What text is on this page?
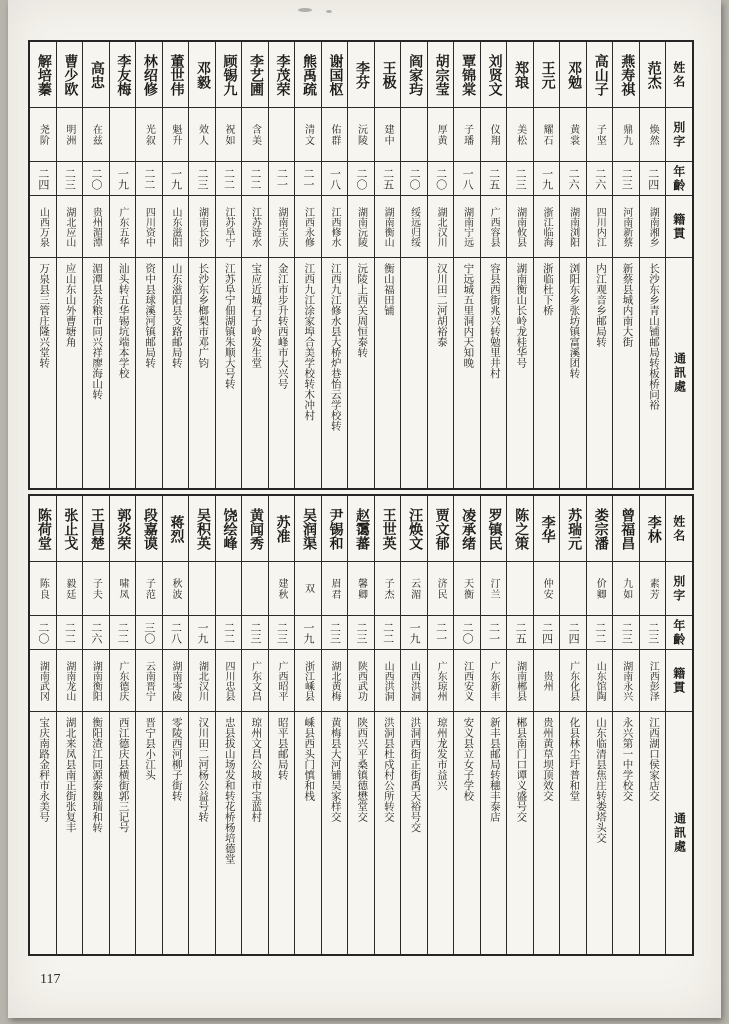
姓名
別字
年齡
籍貫
通訊處
范杰
焕然
二四
湖南湘乡
长沙东乡青山铺邮局转板桥问裕
燕寿祺
鼎九
二三
河南新蔡
新蔡县城内南大街
高山子
子坚
二六
四川内江
内江观音乡邮局转
邓勉
黄裳
二六
湖南浏阳
浏阳东乡张坊镇富溪团转
王元
耀石
一九
浙江临海
浙临杜下桥
郑琅
美松
二三
湖南攸县
湖南衡山长岭龙桂华号
刘贤文
仪翔
二五
广西容县
容县西街兆兴转勉里井村
覃锦棠
子璠
一八
湖南宁远
宁远城五里洞内天知晚
胡宗莹
厚黄
二〇
湖北汉川
汉川田二河胡裕泰
阎家玙
二〇
绥远归绥
王极
建中
二五
湖南衡山
衡山福田铺
李芬
沅陵
二〇
湖南沅陵
沅陵上西关周恒泰转
谢国枢
佑群
一八
江西修水
江西九江修水县大桥炉巷怡云学校转
熊禹疏
清文
二一
江西永修
江西九江涂家埠合美学校转木冲村
李茂荣
二一
湖南宝庆
金江市步升转西峰市大兴号
李艺圃
含美
二二
江苏涟水
宝应近城石子岭发生堂
顾锡九
祝如
二二
江苏阜宁
江苏阜宁佃湖镇朱顺大号转
邓毅
效人
二三
湖南长沙
长沙东乡榔梨市邓广钧
董世伟
魁升
一九
山东滋阳
山东滋阳县支路邮局转
林绍修
光叙
二二
四川资中
资中县球溪河镇邮局转
李友梅
一九
广东五华
汕头转五华锡坑端本学校
高忠
在兹
二〇
贵州湄潭
湄潭县杂粮市同兴祥廖海山转
曹少欧
明洲
二三
湖北应山
应山东山外曹塘角
解培蓁
尧阶
二四
山西万泉
万泉县三管庄隆兴堂转
姓名
別字
年齡
籍貫
通訊處
李林
素芳
二三
江西彭泽
江西湖口侯家店交
曾福昌
九如
二三
湖南永兴
永兴第一中学校交
娄宗潘
价卿
二二
山东馆陶
山东临清县焦庄转娄塔头交
苏瑞元
二四
广东化县
化县林尘圩普和堂
李华
仲安
二四
贵州
贵州黄草坝顶效交
陈之策
二五
湖南郴县
郴县南门口谭义盛号交
罗镇民
汀兰
二一
广东新丰
新丰县邮局转穗丰泰店
凌承绪
天衡
二〇
江西安义
安义县立女子学校
贾文郁
济民
二一
广东琼州
琼州龙发市益兴
汪焕文
云湄
一九
山西洪洞
洪洞西街正街禹天裕号交
王世英
子杰
二二
山西洪洞
洪洞县杜戍村公所转交
赵霭蕃
馨卿
二三
陕西武功
陕西兴平桑镇德懋堂交
尹锡和
眉君
二三
湖北黄梅
黄梅县大河铺吴家样交
吴润渠
双
一九
浙江嵊县
嵊县西头门慎和栈
苏准
建秋
二三
广西昭平
昭平县邮局转
黄闻秀
二三
广东文昌
琼州文昌公坡市宝蓝村
饶绘峰
二二
四川忠县
忠县拔山场发和转花桥杨培德堂
吴积英
一九
湖北汉川
汉川田二河杨公益号转
蒋烈
秋波
二八
湖南零陵
零陵西河柳子街转
段嘉谟
子范
三〇
云南晋宁
晋宁县小江头
郭炎荣
啸凤
二二
广东德庆
西江德庆县横街郭三记号
王昌楚
子夫
二六
湖南衡阳
衡阳渣江同源泰魏瑞和转
张止戈
毅廷
二二
湖南龙山
湖北来凤县南正街张复丰
陈荷堂
陈良
二〇
湖南武冈
宝庆南路金秤市永美号
117
